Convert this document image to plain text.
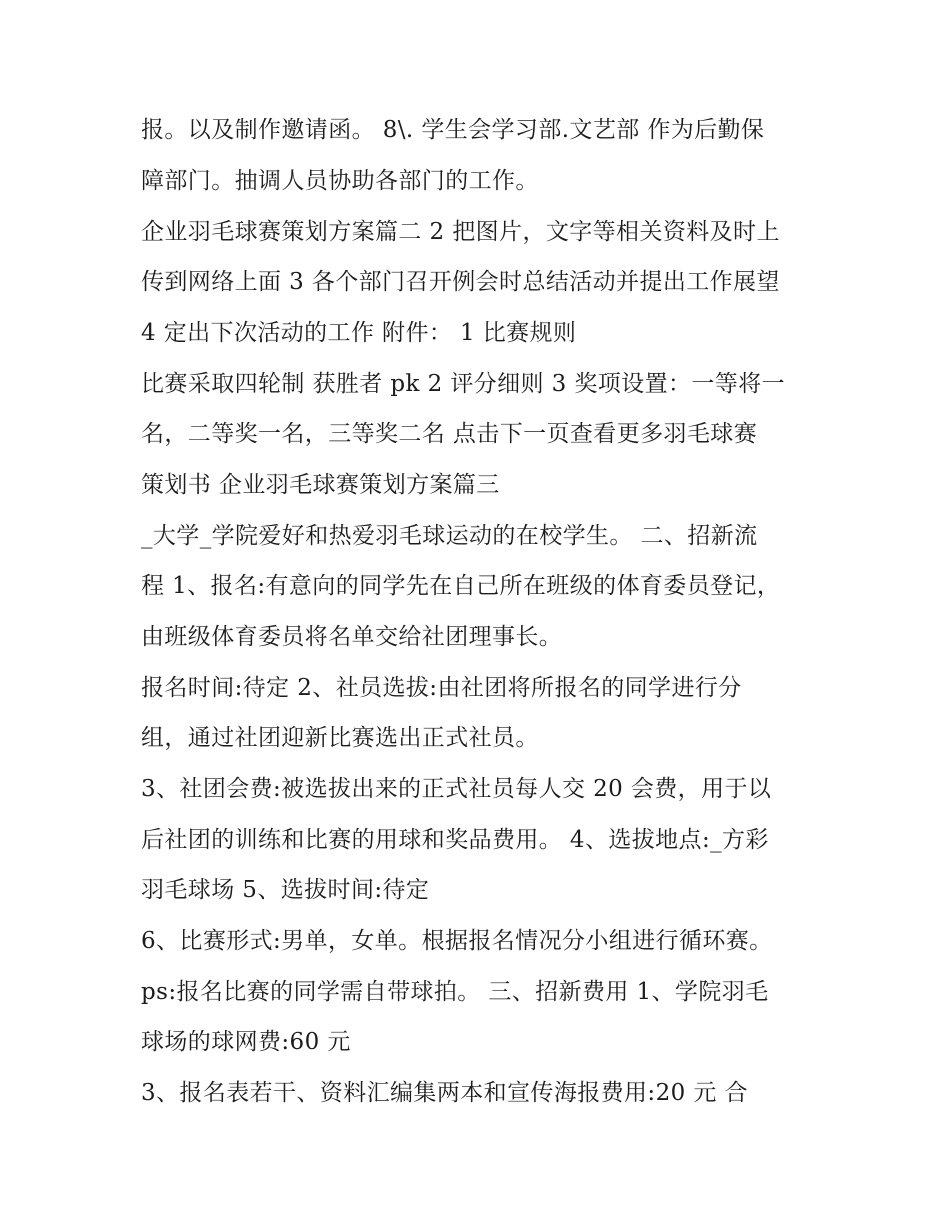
报。以及制作邀请函。 8\. 学生会学习部.文艺部 作为后勤保

障部门。抽调人员协助各部门的工作。

企业羽毛球赛策划方案篇二 2 把图片，文字等相关资料及时上

传到网络上面 3 各个部门召开例会时总结活动并提出工作展望

4 定出下次活动的工作 附件： 1 比赛规则

比赛采取四轮制 获胜者 pk 2 评分细则 3 奖项设置：一等将一

名，二等奖一名，三等奖二名 点击下一页查看更多羽毛球赛

策划书 企业羽毛球赛策划方案篇三

_大学_学院爱好和热爱羽毛球运动的在校学生。 二、招新流

程 1、报名:有意向的同学先在自己所在班级的体育委员登记，

由班级体育委员将名单交给社团理事长。

报名时间:待定 2、社员选拔:由社团将所报名的同学进行分

组，通过社团迎新比赛选出正式社员。

3、社团会费:被选拔出来的正式社员每人交 20 会费，用于以

后社团的训练和比赛的用球和奖品费用。 4、选拔地点:_方彩

羽毛球场 5、选拔时间:待定

6、比赛形式:男单，女单。根据报名情况分小组进行循环赛。

ps:报名比赛的同学需自带球拍。 三、招新费用 1、学院羽毛

球场的球网费:60 元

3、报名表若干、资料汇编集两本和宣传海报费用:20 元 合
